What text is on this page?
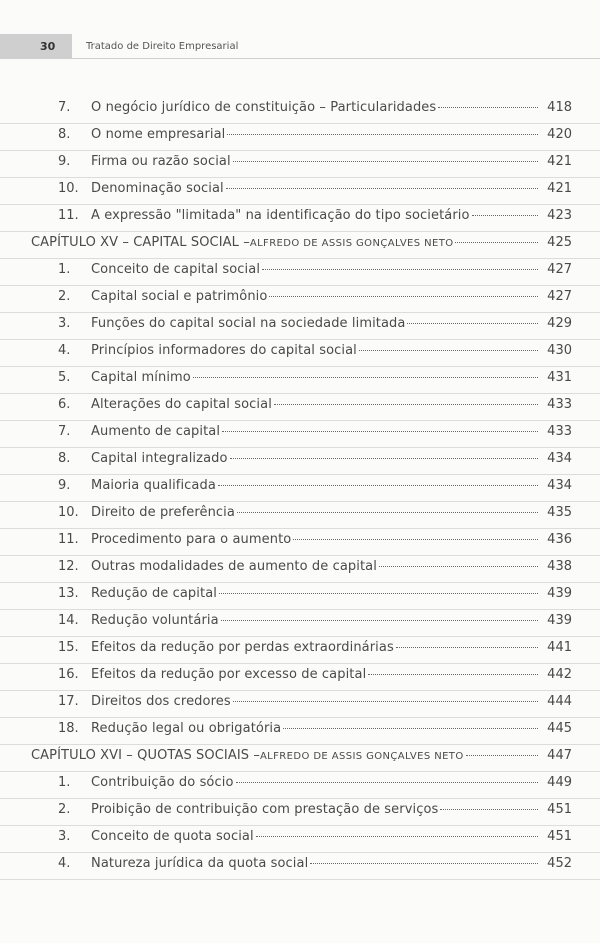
30	Tratado de Direito Empresarial
7.	O negócio jurídico de constituição – Particularidades	418
8.	O nome empresarial	420
9.	Firma ou razão social	421
10. Denominação social	421
11. A expressão "limitada" na identificação do tipo societário	423
CAPÍTULO XV – CAPITAL SOCIAL – ALFREDO DE ASSIS GONÇALVES NETO	425
1.	Conceito de capital social	427
2.	Capital social e patrimônio	427
3.	Funções do capital social na sociedade limitada	429
4.	Princípios informadores do capital social	430
5.	Capital mínimo	431
6.	Alterações do capital social	433
7.	Aumento de capital	433
8.	Capital integralizado	434
9.	Maioria qualificada	434
10. Direito de preferência	435
11. Procedimento para o aumento	436
12. Outras modalidades de aumento de capital	438
13. Redução de capital	439
14. Redução voluntária	439
15. Efeitos da redução por perdas extraordinárias	441
16. Efeitos da redução por excesso de capital	442
17. Direitos dos credores	444
18. Redução legal ou obrigatória	445
CAPÍTULO XVI – QUOTAS SOCIAIS – ALFREDO DE ASSIS GONÇALVES NETO	447
1.	Contribuição do sócio	449
2.	Proibição de contribuição com prestação de serviços	451
3.	Conceito de quota social	451
4.	Natureza jurídica da quota social	452
